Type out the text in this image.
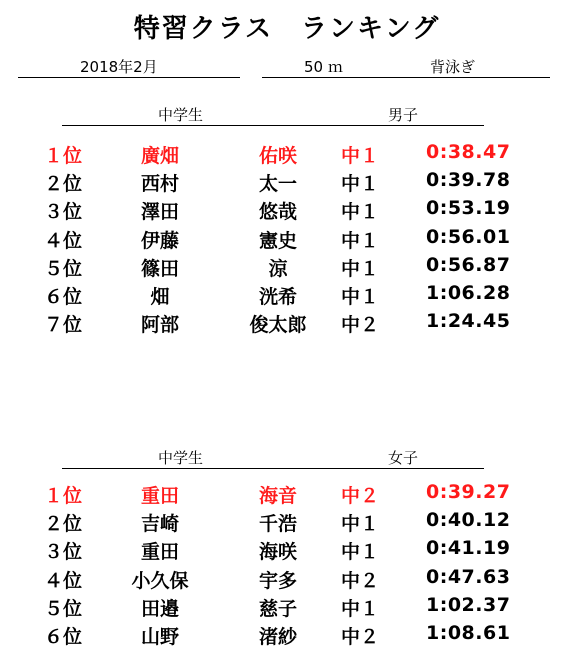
特習クラス　ランキング
2018年2月	50 ｍ	背泳ぎ
中学生	男子
１位	廣畑	佑咲	中１ 0:38.47
２位	西村	太一	中１ 0:39.78
３位	澤田	悠哉	中１ 0:53.19
４位	伊藤	憲史	中１ 0:56.01
５位	篠田	涼	中１ 0:56.87
６位	畑	洸希	中１ 1:06.28
７位	阿部	俊太郎	中２ 1:24.45
中学生	女子
１位	重田	海音	中２ 0:39.27
２位	吉崎	千浩	中１ 0:40.12
３位	重田	海咲	中１ 0:41.19
４位	小久保	宇多	中２ 0:47.63
５位	田邉	慈子	中１ 1:02.37
６位	山野	渚紗	中２ 1:08.61
